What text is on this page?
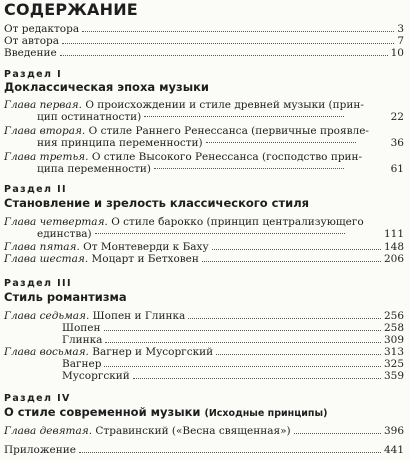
СОДЕРЖАНИЕ
От редактора	3
От автора	7
Введение	10
Раздел I
Доклассическая эпоха музыки
Глава первая. О происхождении и стиле древней музыки (прин-
цип остинатности)	22
Глава вторая. О стиле Раннего Ренессанса (первичные проявле-
ния принципа переменности)	36
Глава третья. О стиле Высокого Ренессанса (господство прин-
ципа переменности)	61
Раздел II
Становление и зрелость классического стиля
Глава четвертая. О стиле барокко (принцип централизующего
единства)	111
Глава пятая. От Монтеверди к Баху	148
Глава шестая. Моцарт и Бетховен	206
Раздел III
Стиль романтизма
Глава седьмая. Шопен и Глинка	256
Шопен	258
Глинка	309
Глава восьмая. Вагнер и Мусоргский	313
Вагнер	325
Мусоргский	359
Раздел IV
О стиле современной музыки (Исходные принципы)
Глава девятая. Стравинский («Весна священная»)	396
Приложение	441
